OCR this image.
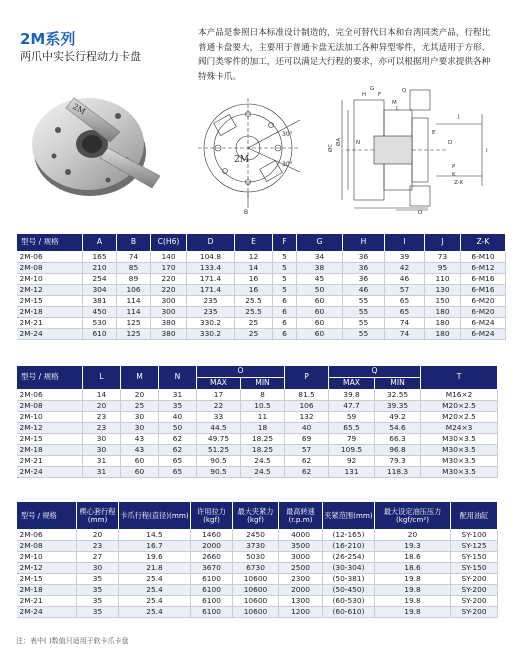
2M系列
两爪中实长行程动力卡盘
本产品是参照日本标准设计制造的，完全可替代日本和台湾同类产品，行程比普通卡盘要大，主要用于普通卡盘无法加工各种异型零件，尤其适用于方形、阀门类零件的加工，还可以满足大行程的要求，亦可以根据用户要求提供各种特殊卡爪。
2M
2M
30°
30°
B
ØC
ØA	N
H
G
F
Q
M
L
J
I
E
D
P
K
Z-K
O
型号 / 规格	A	B	C(H6)	D	E	F	G	H	I	J	Z-K
2M-06	165	74	140	104.8	12	5	34	36	39	73	6-M10
2M-08	210	85	170	133.4	14	5	38	36	42	95	6-M12
2M-10	254	89	220	171.4	16	5	45	36	46	110	6-M16
2M-12	304	106	220	171.4	16	5	50	46	57	130	6-M16
2M-15	381	114	300	235	25.5	6	60	55	65	150	6-M20
2M-18	450	114	300	235	25.5	6	60	55	65	180	6-M20
2M-21	530	125	380	330.2	25	6	60	55	74	180	6-M24
2M-24	610	125	380	330.2	25	6	60	55	74	180	6-M24
型号 / 规格	L	M	N	O		P	Q		T
				MAX	MIN		MAX	MIN	
2M-06	14	20	31	17	8	81.5	39.8	32.55	M16×2
2M-08	20	25	35	22	10.5	106	47.7	39.35	M20×2.5
2M-10	23	30	40	33	11	132	59	49.2	M20×2.5
2M-12	23	30	50	44.5	18	40	65.5	54.6	M24×3
2M-15	30	43	62	49.75	18.25	69	79	66.3	M30×3.5
2M-18	30	43	62	51.25	18.25	57	109.5	96.8	M30×3.5
2M-21	31	60	65	90.5	24.5	62	92	79.3	M30×3.5
2M-24	31	60	65	90.5	24.5	62	131	118.3	M30×3.5
型号 / 规格	楔心套行程(mm)	卡爪行程(直径)(mm)	许用拉力(kgf)	最大夹紧力(kgf)	最高转速(r.p.m)	夹紧范围(mm)	最大设定油压压力 (kgf/cm²)	配用油缸
2M-06	20	14.5	1460	2450	4000	(12-165)	20	SY-100
2M-08	23	16.7	2000	3730	3500	(16-210)	19.3	SY-125
2M-10	27	19.6	2660	5030	3000	(26-254)	18.6	SY-150
2M-12	30	21.8	3670	6730	2500	(30-304)	18.6	SY-150
2M-15	35	25.4	6100	10600	2300	(50-381)	19.8	SY-200
2M-18	35	25.4	6100	10600	2000	(50-450)	19.8	SY-200
2M-21	35	25.4	6100	10600	1300	(60-530)	19.8	SY-200
2M-24	35	25.4	6100	10600	1200	(60-610)	19.8	SY-200
注：表中( )数值只适用于软卡爪卡盘
